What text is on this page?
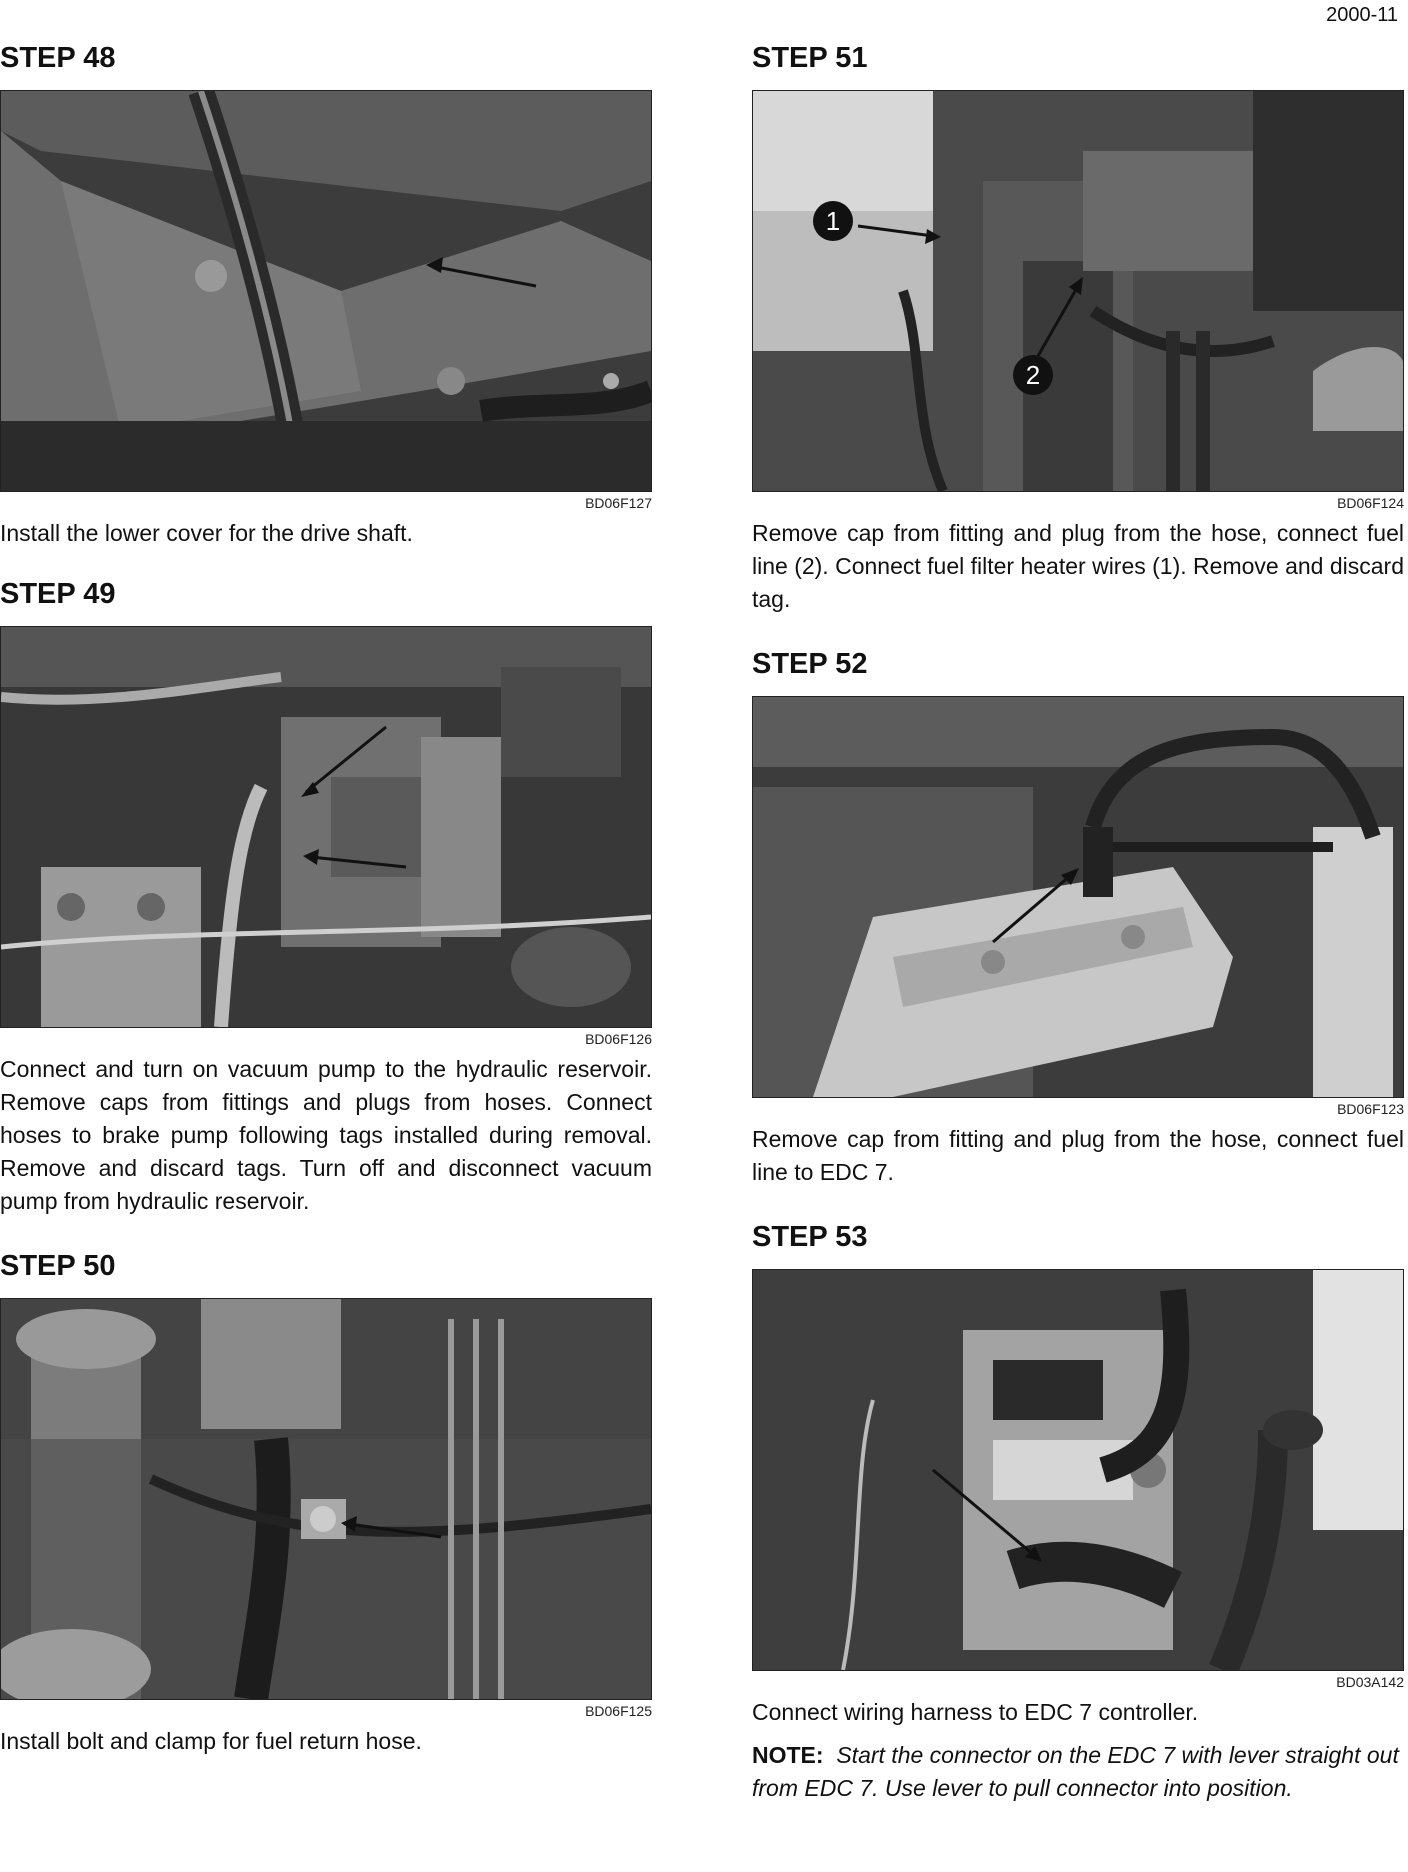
2000-11
STEP 48
BD06F127

Install the lower cover for the drive shaft.

STEP 49
BD06F126

Connect and turn on vacuum pump to the hydraulic reservoir. Remove caps from fittings and plugs from hoses. Connect hoses to brake pump following tags installed during removal. Remove and discard tags. Turn off and disconnect vacuum pump from hydraulic reservoir.

STEP 50
BD06F125

Install bolt and clamp for fuel return hose.

STEP 51
1
2
BD06F124

Remove cap from fitting and plug from the hose, connect fuel line (2). Connect fuel filter heater wires (1). Remove and discard tag.

STEP 52
BD06F123

Remove cap from fitting and plug from the hose, connect fuel line to EDC 7.

STEP 53
BD03A142

Connect wiring harness to EDC 7 controller.

NOTE: Start the connector on the EDC 7 with lever straight out from EDC 7. Use lever to pull connector into position.
